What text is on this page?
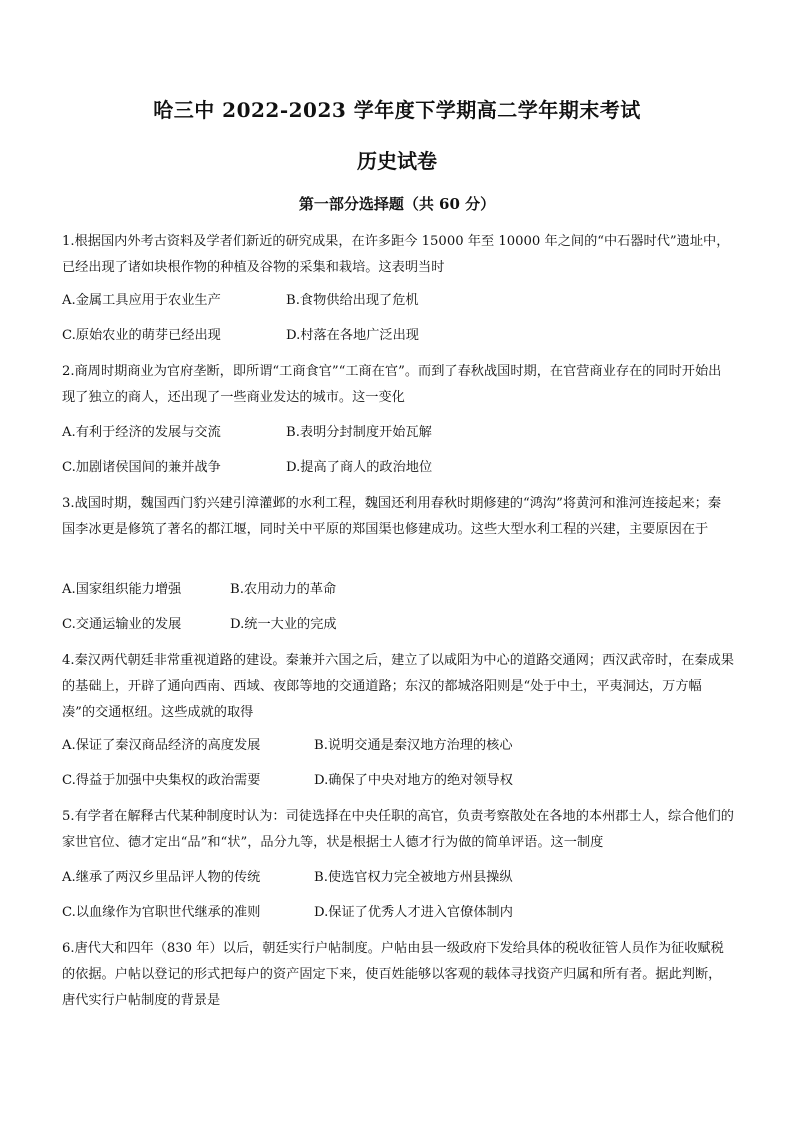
哈三中 2022-2023 学年度下学期高二学年期末考试
历史试卷
第一部分选择题（共 60 分）
1.根据国内外考古资料及学者们新近的研究成果，在许多距今 15000 年至 10000 年之间的“中石器时代”遗址中，已经出现了诸如块根作物的种植及谷物的采集和栽培。这表明当时
A.金属工具应用于农业生产	B.食物供给出现了危机
C.原始农业的萌芽已经出现	D.村落在各地广泛出现
2.商周时期商业为官府垄断，即所谓“工商食官”“工商在官”。而到了春秋战国时期，在官营商业存在的同时开始出现了独立的商人，还出现了一些商业发达的城市。这一变化
A.有利于经济的发展与交流	B.表明分封制度开始瓦解
C.加剧诸侯国间的兼并战争	D.提高了商人的政治地位
3.战国时期，魏国西门豹兴建引漳灌邺的水利工程，魏国还利用春秋时期修建的“鸿沟”将黄河和淮河连接起来；秦国李冰更是修筑了著名的都江堰，同时关中平原的郑国渠也修建成功。这些大型水利工程的兴建，主要原因在于
A.国家组织能力增强	B.农用动力的革命
C.交通运输业的发展	D.统一大业的完成
4.秦汉两代朝廷非常重视道路的建设。秦兼并六国之后，建立了以咸阳为中心的道路交通网；西汉武帝时，在秦成果的基础上，开辟了通向西南、西域、夜郎等地的交通道路；东汉的都城洛阳则是“处于中土，平夷洞达，万方幅凑”的交通枢纽。这些成就的取得
A.保证了秦汉商品经济的高度发展	B.说明交通是秦汉地方治理的核心
C.得益于加强中央集权的政治需要	D.确保了中央对地方的绝对领导权
5.有学者在解释古代某种制度时认为：司徒选择在中央任职的高官，负责考察散处在各地的本州郡士人，综合他们的家世官位、德才定出“品”和“状”，品分九等，状是根据士人德才行为做的简单评语。这一制度
A.继承了两汉乡里品评人物的传统	B.使选官权力完全被地方州县操纵
C.以血缘作为官职世代继承的准则	D.保证了优秀人才进入官僚体制内
6.唐代大和四年（830 年）以后，朝廷实行户帖制度。户帖由县一级政府下发给具体的税收征管人员作为征收赋税的依据。户帖以登记的形式把每户的资产固定下来，使百姓能够以客观的载体寻找资产归属和所有者。据此判断，唐代实行户帖制度的背景是
